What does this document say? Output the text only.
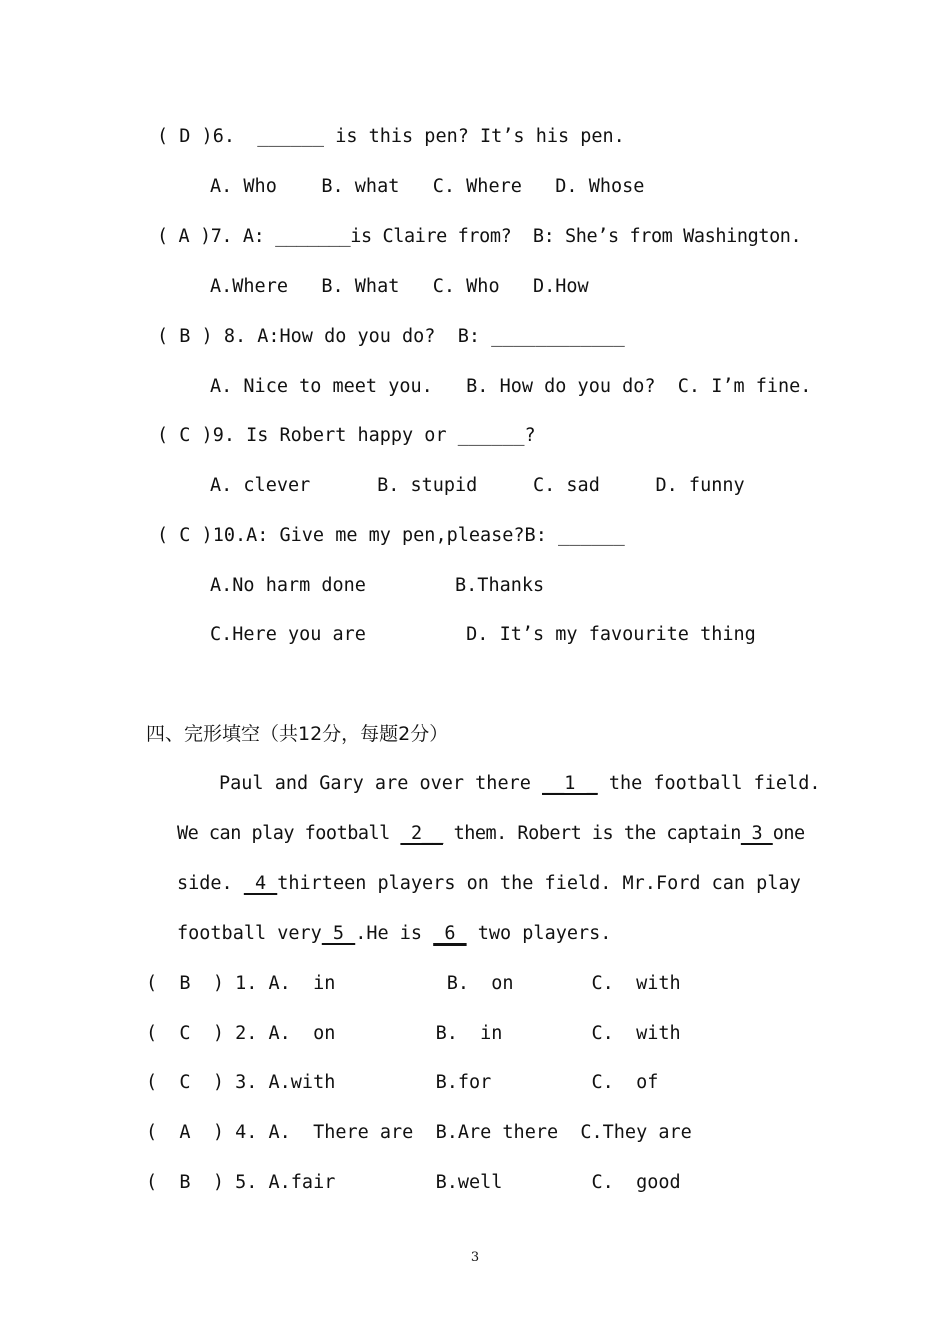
( D )6.  ______ is this pen? It’s his pen.
A. Who    B. what   C. Where   D. Whose
( A )7. A: _______is Claire from?  B: She’s from Washington.
A.Where   B. What   C. Who   D.How
( B ) 8. A:How do you do?  B: ____________
A. Nice to meet you.   B. How do you do?  C. I’m fine.
( C )9. Is Robert happy or ______?
A. clever      B. stupid     C. sad     D. funny
( C )10.A: Give me my pen,please?B: ______
A.No harm done        B.Thanks
C.Here you are         D. It’s my favourite thing
四、完形填空（共12分，每题2分）
Paul and Gary are over there __1 _ the football field.
We can play football  2__ them. Robert is the captain 3 one
side.  4 thirteen players on the field. Mr.Ford can play
football very 5 .He is  6  two players.
(  B  ) 1. A.  in          B.  on       C.  with
(  C  ) 2. A.  on         B.  in        C.  with
(  C  ) 3. A.with         B.for         C.  of
(  A  ) 4. A.  There are  B.Are there  C.They are
(  B  ) 5. A.fair         B.well        C.  good
3
